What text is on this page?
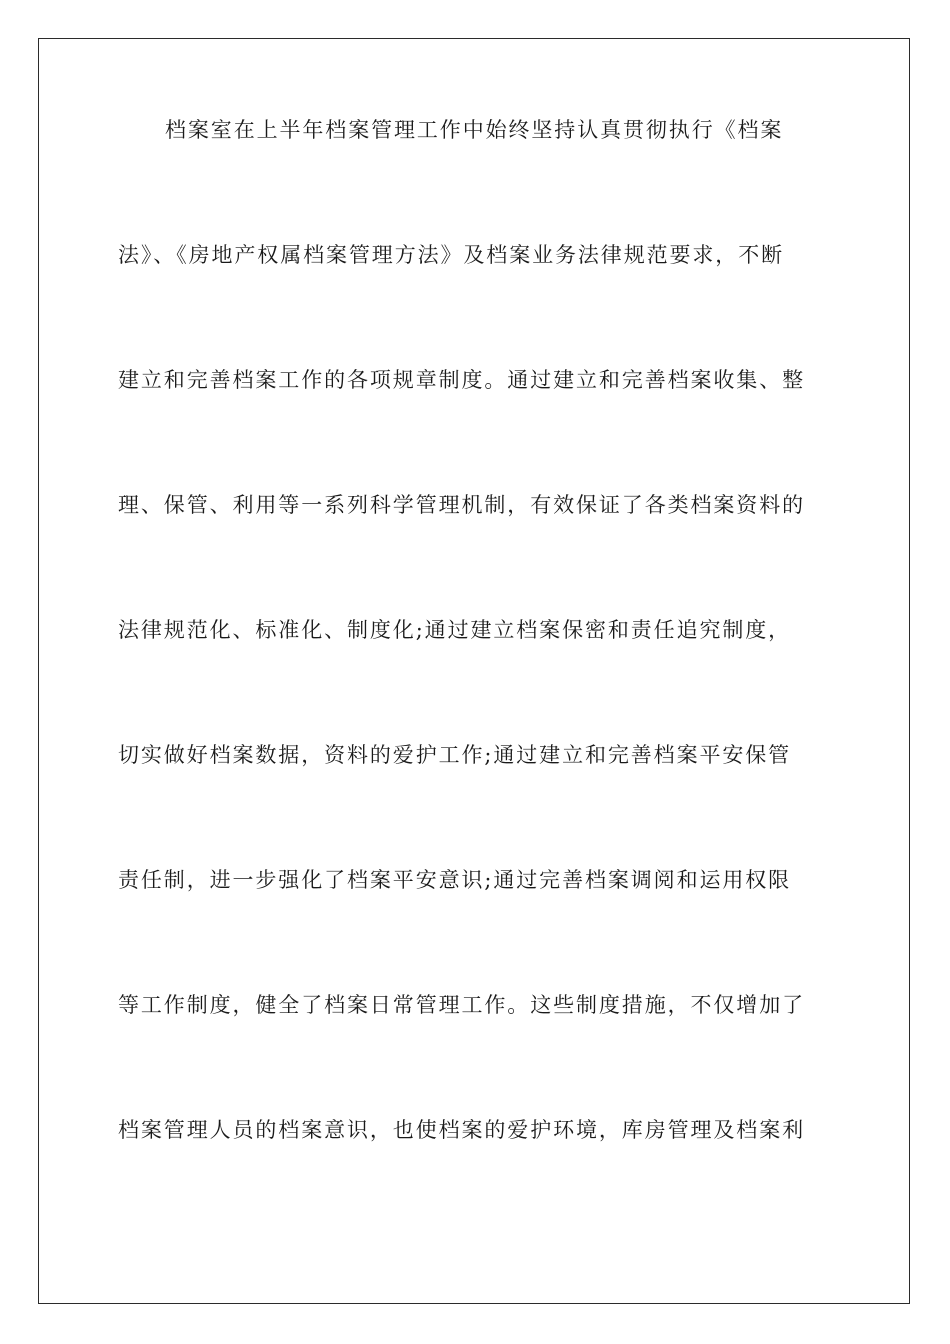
档案室在上半年档案管理工作中始终坚持认真贯彻执行《档案

法》、《房地产权属档案管理方法》及档案业务法律规范要求，不断

建立和完善档案工作的各项规章制度。通过建立和完善档案收集、整

理、保管、利用等一系列科学管理机制，有效保证了各类档案资料的

法律规范化、标准化、制度化;通过建立档案保密和责任追究制度，

切实做好档案数据，资料的爱护工作;通过建立和完善档案平安保管

责任制，进一步强化了档案平安意识;通过完善档案调阅和运用权限

等工作制度，健全了档案日常管理工作。这些制度措施，不仅增加了

档案管理人员的档案意识，也使档案的爱护环境，库房管理及档案利
